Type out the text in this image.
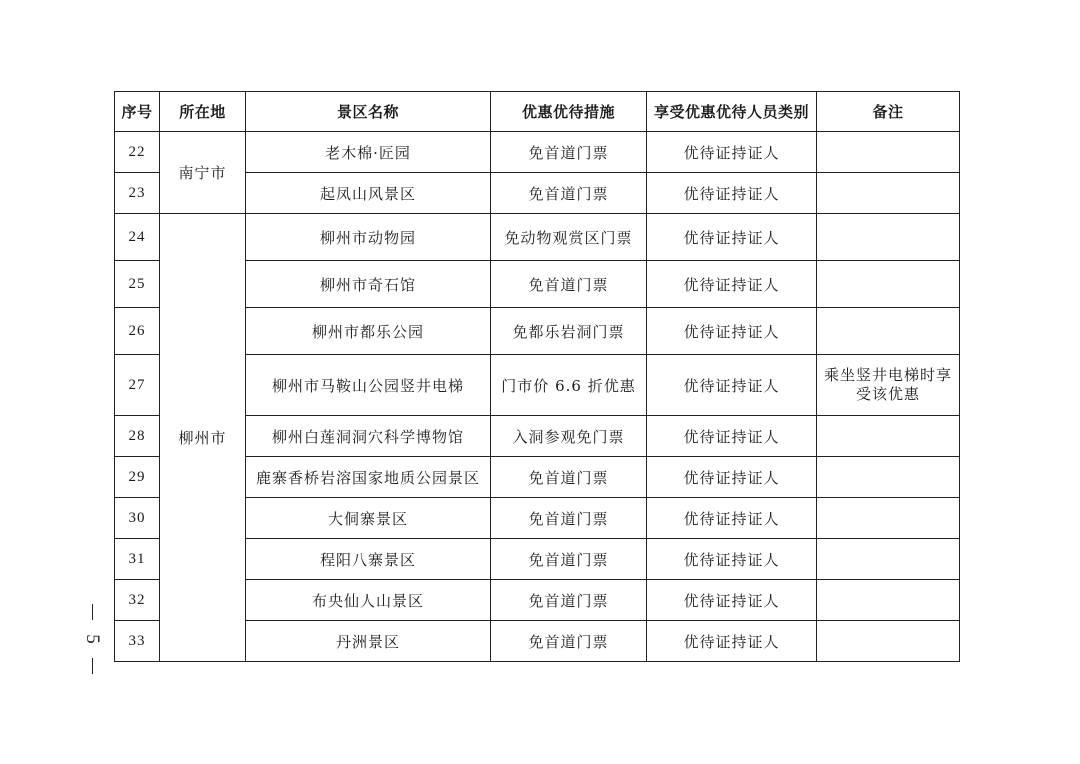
序号	所在地	景区名称	优惠优待措施	享受优惠优待人员类别	备注
22	南宁市	老木棉·匠园	免首道门票	优待证持证人	
23		起凤山风景区	免首道门票	优待证持证人	
24	柳州市	柳州市动物园	免动物观赏区门票	优待证持证人	
25		柳州市奇石馆	免首道门票	优待证持证人	
26		柳州市都乐公园	免都乐岩洞门票	优待证持证人	
27		柳州市马鞍山公园竖井电梯	门市价 6.6 折优惠	优待证持证人	乘坐竖井电梯时享受该优惠
28		柳州白莲洞洞穴科学博物馆	入洞参观免门票	优待证持证人	
29		鹿寨香桥岩溶国家地质公园景区	免首道门票	优待证持证人	
30		大侗寨景区	免首道门票	优待证持证人	
31		程阳八寨景区	免首道门票	优待证持证人	
32		布央仙人山景区	免首道门票	优待证持证人	
33		丹洲景区	免首道门票	优待证持证人	
5
